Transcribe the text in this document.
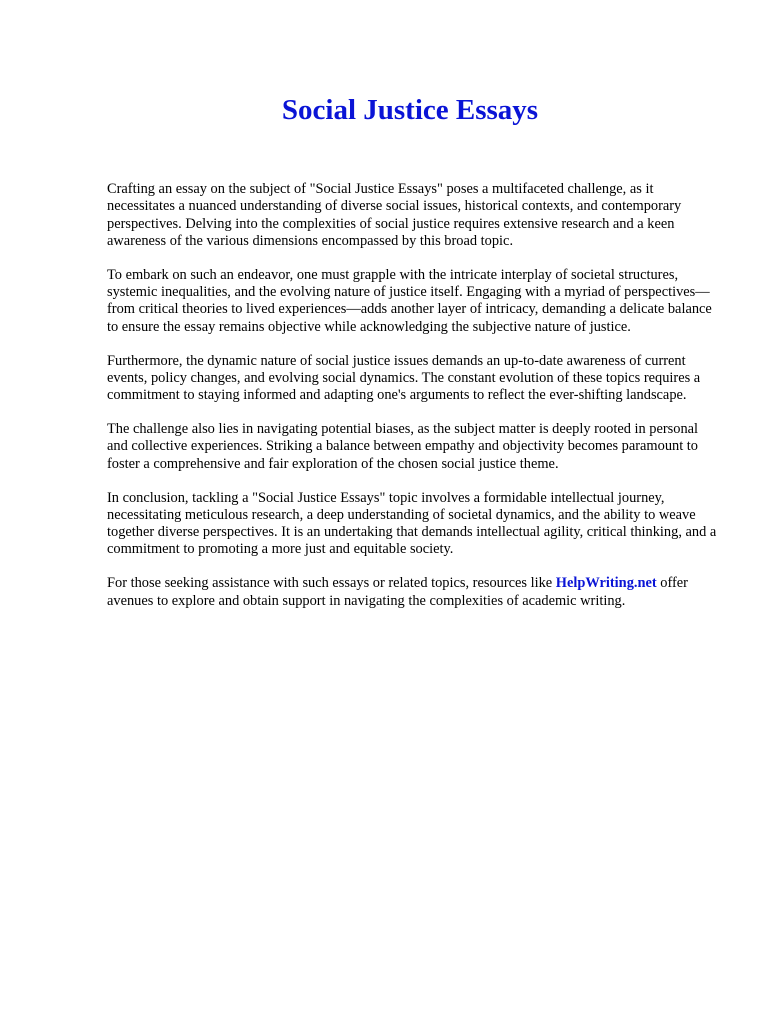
Social Justice Essays

Crafting an essay on the subject of "Social Justice Essays" poses a multifaceted challenge, as it necessitates a nuanced understanding of diverse social issues, historical contexts, and contemporary perspectives. Delving into the complexities of social justice requires extensive research and a keen awareness of the various dimensions encompassed by this broad topic.

To embark on such an endeavor, one must grapple with the intricate interplay of societal structures, systemic inequalities, and the evolving nature of justice itself. Engaging with a myriad of perspectives—from critical theories to lived experiences—adds another layer of intricacy, demanding a delicate balance to ensure the essay remains objective while acknowledging the subjective nature of justice.

Furthermore, the dynamic nature of social justice issues demands an up-to-date awareness of current events, policy changes, and evolving social dynamics. The constant evolution of these topics requires a commitment to staying informed and adapting one's arguments to reflect the ever-shifting landscape.

The challenge also lies in navigating potential biases, as the subject matter is deeply rooted in personal and collective experiences. Striking a balance between empathy and objectivity becomes paramount to foster a comprehensive and fair exploration of the chosen social justice theme.

In conclusion, tackling a "Social Justice Essays" topic involves a formidable intellectual journey, necessitating meticulous research, a deep understanding of societal dynamics, and the ability to weave together diverse perspectives. It is an undertaking that demands intellectual agility, critical thinking, and a commitment to promoting a more just and equitable society.

For those seeking assistance with such essays or related topics, resources like HelpWriting.net offer avenues to explore and obtain support in navigating the complexities of academic writing.
